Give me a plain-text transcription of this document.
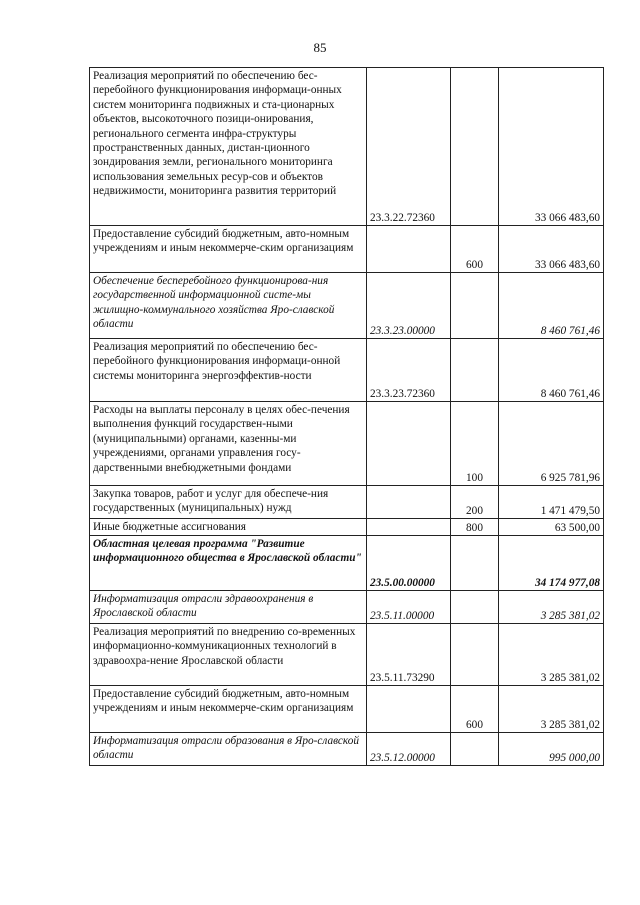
85
Реализация мероприятий по обеспечению бес-перебойного функционирования информаци-онных систем мониторинга подвижных и ста-ционарных объектов, высокоточного позици-онирования, регионального сегмента инфра-структуры пространственных данных, дистан-ционного зондирования земли, регионального мониторинга использования земельных ресур-сов и объектов недвижимости, мониторинга развития территорий	23.3.22.72360		33 066 483,60
Предоставление субсидий бюджетным, авто-номным учреждениям и иным некоммерче-ским организациям		600	33 066 483,60
Обеспечение бесперебойного функционирова-ния государственной информационной систе-мы жилищно-коммунального хозяйства Яро-славской области	23.3.23.00000		8 460 761,46
Реализация мероприятий по обеспечению бес-перебойного функционирования информаци-онной системы мониторинга энергоэффектив-ности	23.3.23.72360		8 460 761,46
Расходы на выплаты персоналу в целях обес-печения выполнения функций государствен-ными (муниципальными) органами, казенны-ми учреждениями, органами управления госу-дарственными внебюджетными фондами		100	6 925 781,96
Закупка товаров, работ и услуг для обеспече-ния государственных (муниципальных) нужд		200	1 471 479,50
Иные бюджетные ассигнования		800	63 500,00
Областная целевая программа "Развитие информационного общества в Ярославской области"	23.5.00.00000		34 174 977,08
Информатизация отрасли здравоохранения в Ярославской области	23.5.11.00000		3 285 381,02
Реализация мероприятий по внедрению со-временных информационно-коммуникационных технологий в здравоохра-нение Ярославской области	23.5.11.73290		3 285 381,02
Предоставление субсидий бюджетным, авто-номным учреждениям и иным некоммерче-ским организациям		600	3 285 381,02
Информатизация отрасли образования в Яро-славской области	23.5.12.00000		995 000,00
